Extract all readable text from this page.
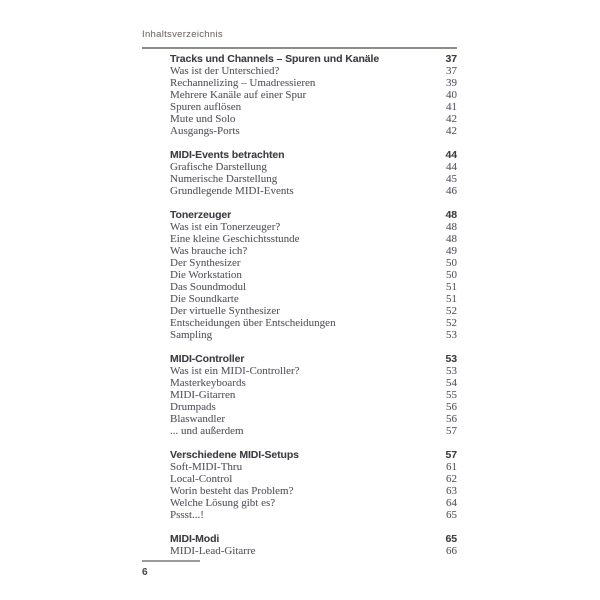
Inhaltsverzeichnis
Tracks und Channels – Spuren und Kanäle	37
Was ist der Unterschied?	37
Rechannelizing – Umadressieren	39
Mehrere Kanäle auf einer Spur	40
Spuren auflösen	41
Mute und Solo	42
Ausgangs-Ports	42
MIDI-Events betrachten	44
Grafische Darstellung	44
Numerische Darstellung	45
Grundlegende MIDI-Events	46
Tonerzeuger	48
Was ist ein Tonerzeuger?	48
Eine kleine Geschichtsstunde	48
Was brauche ich?	49
Der Synthesizer	50
Die Workstation	50
Das Soundmodul	51
Die Soundkarte	51
Der virtuelle Synthesizer	52
Entscheidungen über Entscheidungen	52
Sampling	53
MIDI-Controller	53
Was ist ein MIDI-Controller?	53
Masterkeyboards	54
MIDI-Gitarren	55
Drumpads	56
Blaswandler	56
... und außerdem	57
Verschiedene MIDI-Setups	57
Soft-MIDI-Thru	61
Local-Control	62
Worin besteht das Problem?	63
Welche Lösung gibt es?	64
Pssst...!	65
MIDI-Modi	65
MIDI-Lead-Gitarre	66
6
